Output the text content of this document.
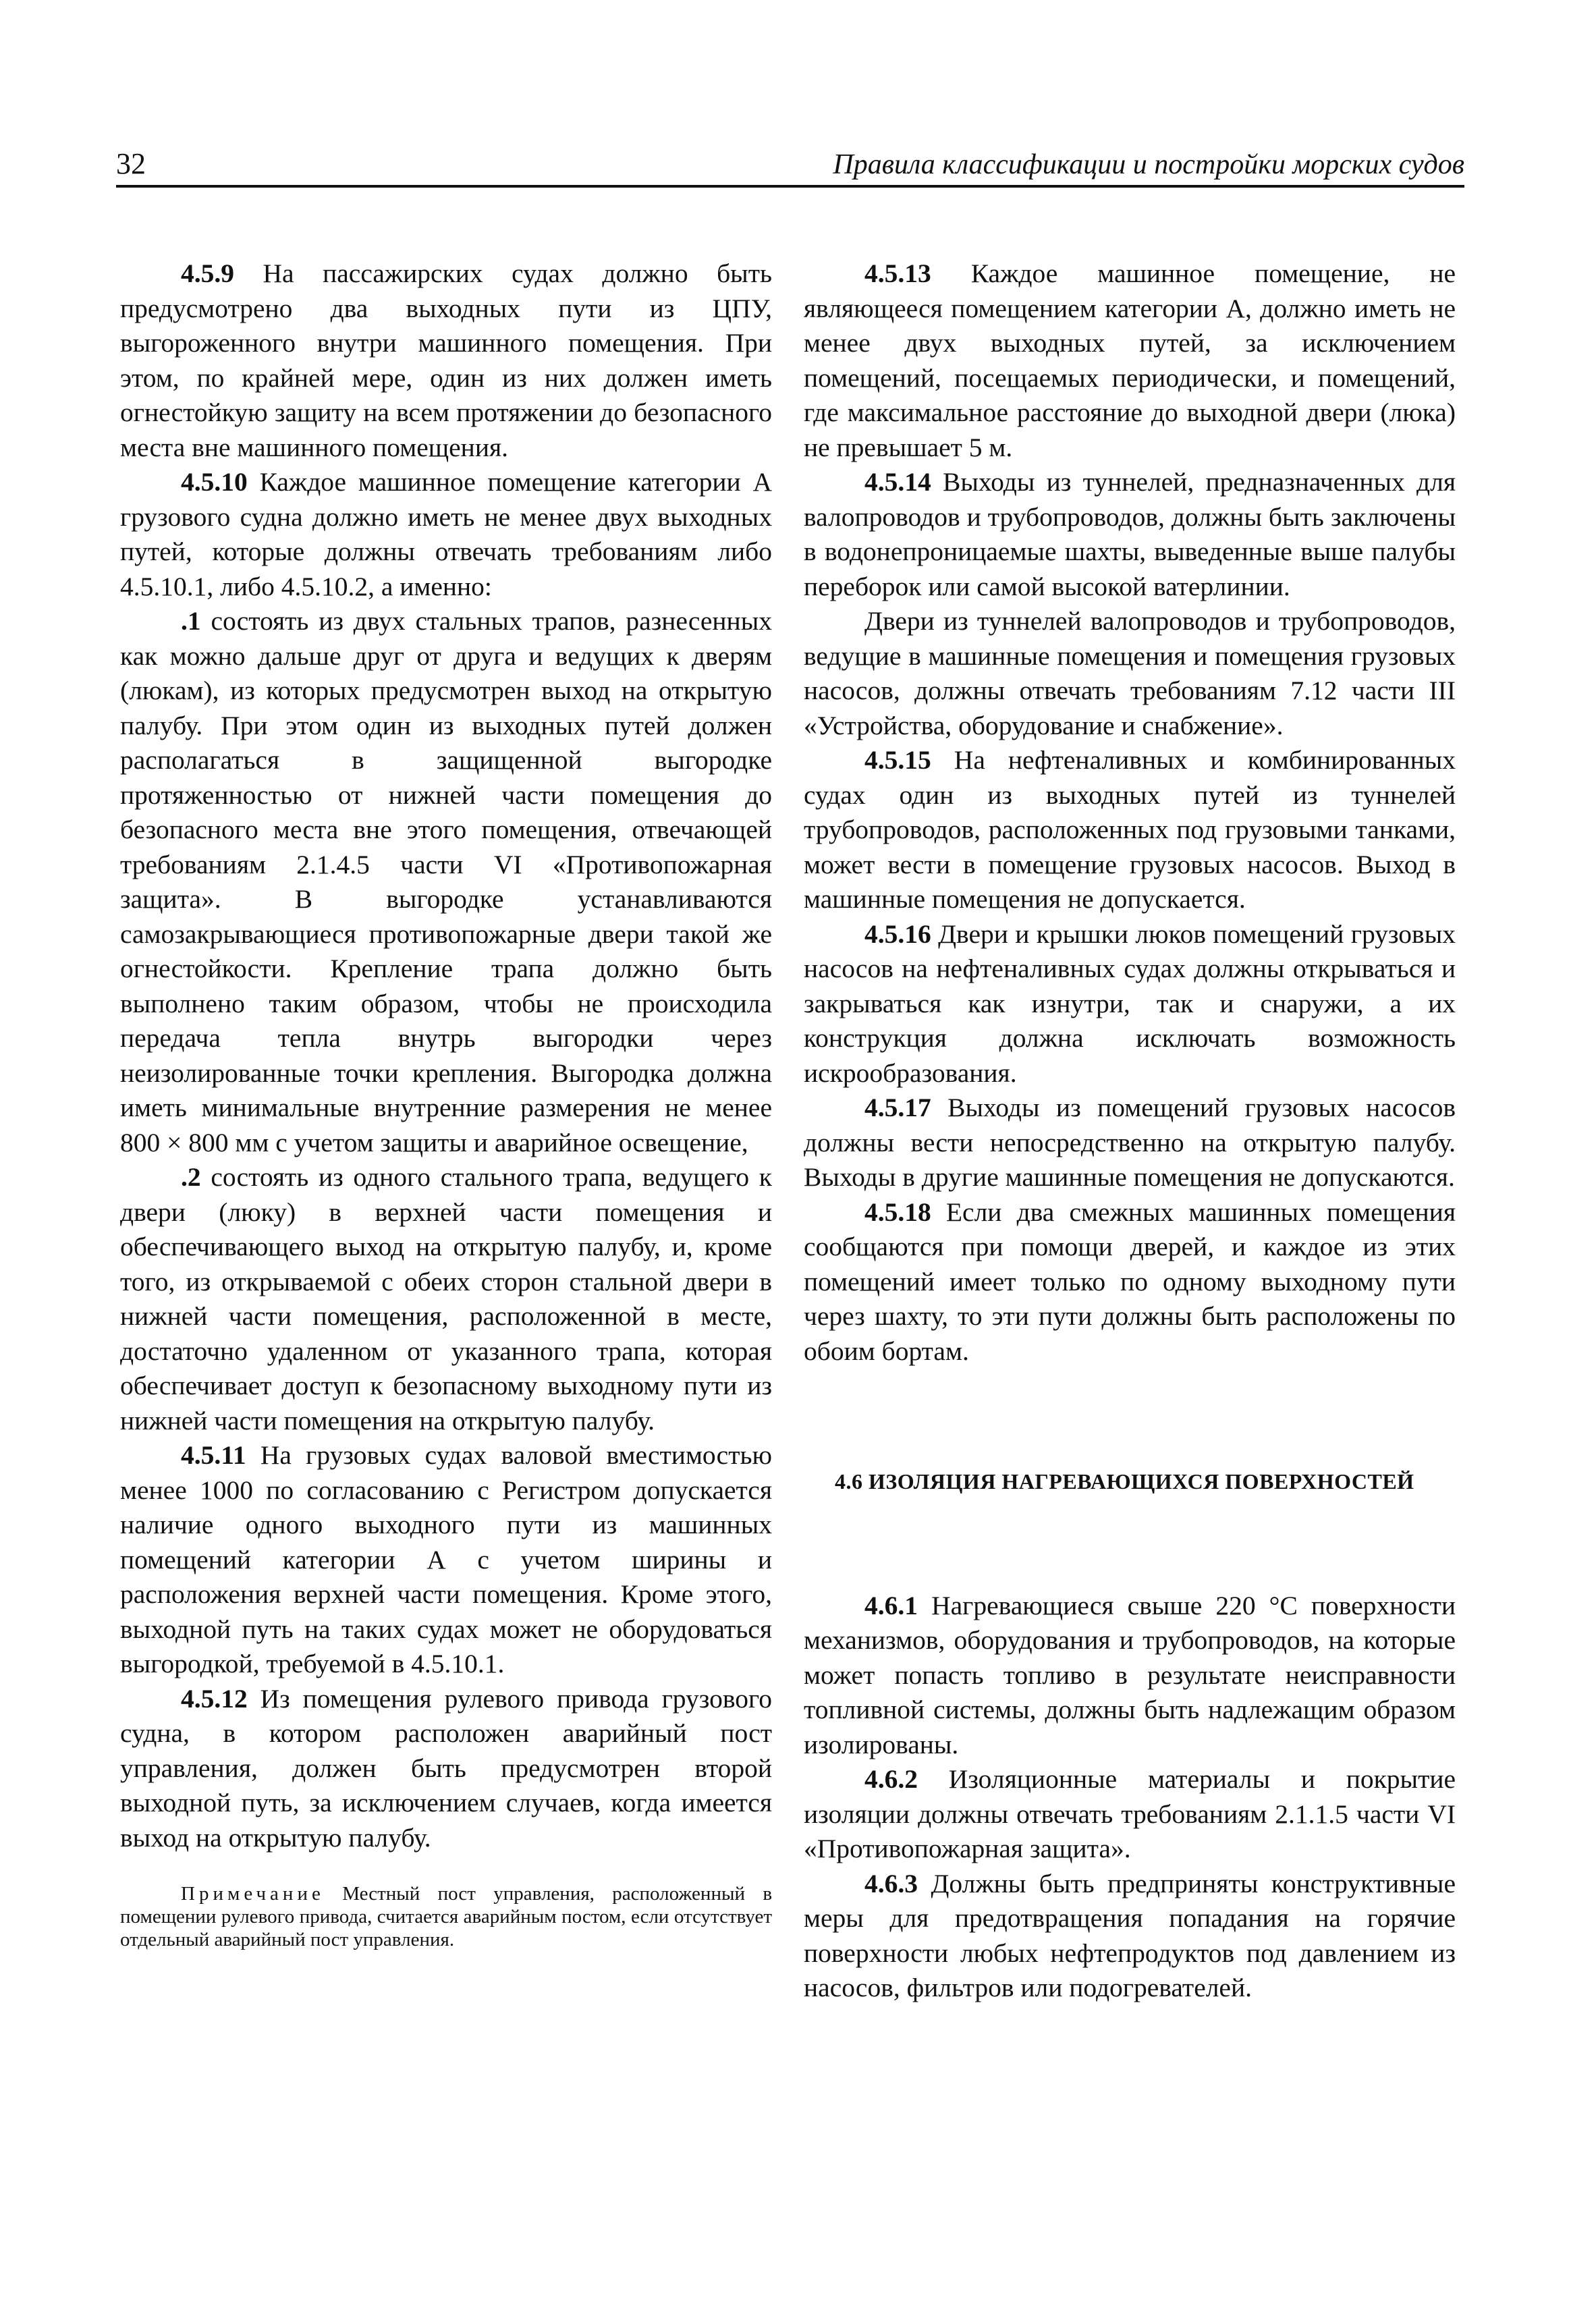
32	Правила классификации и постройки морских судов

4.5.9 На пассажирских судах должно быть предусмотрено два выходных пути из ЦПУ, выгороженного внутри машинного помещения. При этом, по крайней мере, один из них должен иметь огнестойкую защиту на всем протяжении до безопасного места вне машинного помещения.

4.5.10 Каждое машинное помещение категории А грузового судна должно иметь не менее двух выходных путей, которые должны отвечать требованиям либо 4.5.10.1, либо 4.5.10.2, а именно:

.1 состоять из двух стальных трапов, разнесенных как можно дальше друг от друга и ведущих к дверям (люкам), из которых предусмотрен выход на открытую палубу. При этом один из выходных путей должен располагаться в защищенной выгородке протяженностью от нижней части помещения до безопасного места вне этого помещения, отвечающей требованиям 2.1.4.5 части VI «Противопожарная защита». В выгородке устанавливаются самозакрывающиеся противопожарные двери такой же огнестойкости. Крепление трапа должно быть выполнено таким образом, чтобы не происходила передача тепла внутрь выгородки через неизолированные точки крепления. Выгородка должна иметь минимальные внутренние размерения не менее 800 × 800 мм с учетом защиты и аварийное освещение,

.2 состоять из одного стального трапа, ведущего к двери (люку) в верхней части помещения и обеспечивающего выход на открытую палубу, и, кроме того, из открываемой с обеих сторон стальной двери в нижней части помещения, расположенной в месте, достаточно удаленном от указанного трапа, которая обеспечивает доступ к безопасному выходному пути из нижней части помещения на открытую палубу.

4.5.11 На грузовых судах валовой вместимостью менее 1000 по согласованию с Регистром допускается наличие одного выходного пути из машинных помещений категории А с учетом ширины и расположения верхней части помещения. Кроме этого, выходной путь на таких судах может не оборудоваться выгородкой, требуемой в 4.5.10.1.

4.5.12 Из помещения рулевого привода грузового судна, в котором расположен аварийный пост управления, должен быть предусмотрен второй выходной путь, за исключением случаев, когда имеется выход на открытую палубу.

Примечание Местный пост управления, расположенный в помещении рулевого привода, считается аварийным постом, если отсутствует отдельный аварийный пост управления.

4.5.13 Каждое машинное помещение, не являющееся помещением категории А, должно иметь не менее двух выходных путей, за исключением помещений, посещаемых периодически, и помещений, где максимальное расстояние до выходной двери (люка) не превышает 5 м.

4.5.14 Выходы из туннелей, предназначенных для валопроводов и трубопроводов, должны быть заключены в водонепроницаемые шахты, выведенные выше палубы переборок или самой высокой ватерлинии.

Двери из туннелей валопроводов и трубопроводов, ведущие в машинные помещения и помещения грузовых насосов, должны отвечать требованиям 7.12 части III «Устройства, оборудование и снабжение».

4.5.15 На нефтеналивных и комбинированных судах один из выходных путей из туннелей трубопроводов, расположенных под грузовыми танками, может вести в помещение грузовых насосов. Выход в машинные помещения не допускается.

4.5.16 Двери и крышки люков помещений грузовых насосов на нефтеналивных судах должны открываться и закрываться как изнутри, так и снаружи, а их конструкция должна исключать возможность искрообразования.

4.5.17 Выходы из помещений грузовых насосов должны вести непосредственно на открытую палубу. Выходы в другие машинные помещения не допускаются.

4.5.18 Если два смежных машинных помещения сообщаются при помощи дверей, и каждое из этих помещений имеет только по одному выходному пути через шахту, то эти пути должны быть расположены по обоим бортам.

4.6 ИЗОЛЯЦИЯ НАГРЕВАЮЩИХСЯ ПОВЕРХНОСТЕЙ

4.6.1 Нагревающиеся свыше 220 °С поверхности механизмов, оборудования и трубопроводов, на которые может попасть топливо в результате неисправности топливной системы, должны быть надлежащим образом изолированы.

4.6.2 Изоляционные материалы и покрытие изоляции должны отвечать требованиям 2.1.1.5 части VI «Противопожарная защита».

4.6.3 Должны быть предприняты конструктивные меры для предотвращения попадания на горячие поверхности любых нефтепродуктов под давлением из насосов, фильтров или подогревателей.
